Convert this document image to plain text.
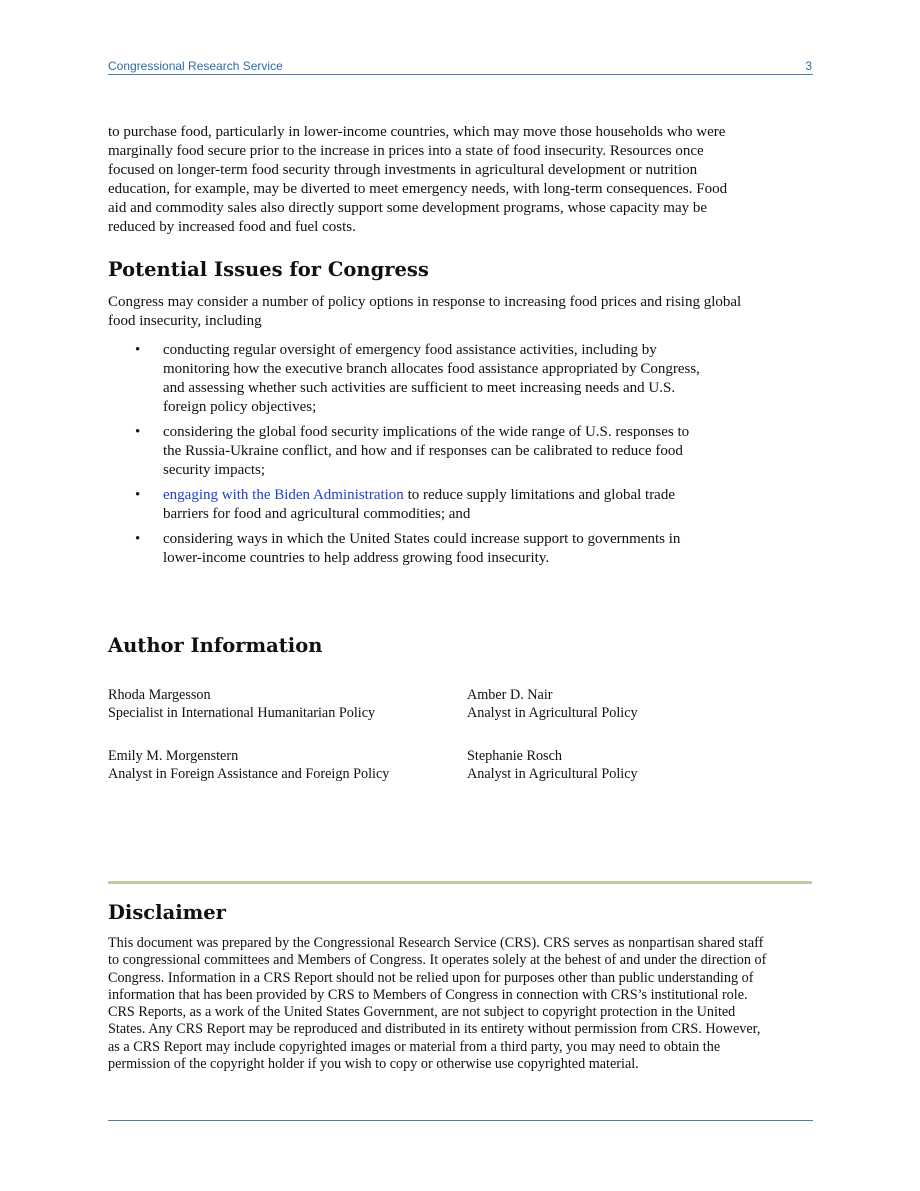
Congressional Research Service	3

to purchase food, particularly in lower-income countries, which may move those households who were
marginally food secure prior to the increase in prices into a state of food insecurity. Resources once
focused on longer-term food security through investments in agricultural development or nutrition
education, for example, may be diverted to meet emergency needs, with long-term consequences. Food
aid and commodity sales also directly support some development programs, whose capacity may be
reduced by increased food and fuel costs.

Potential Issues for Congress

Congress may consider a number of policy options in response to increasing food prices and rising global
food insecurity, including

• conducting regular oversight of emergency food assistance activities, including by
monitoring how the executive branch allocates food assistance appropriated by Congress,
and assessing whether such activities are sufficient to meet increasing needs and U.S.
foreign policy objectives;
• considering the global food security implications of the wide range of U.S. responses to
the Russia-Ukraine conflict, and how and if responses can be calibrated to reduce food
security impacts;
• engaging with the Biden Administration to reduce supply limitations and global trade
barriers for food and agricultural commodities; and
• considering ways in which the United States could increase support to governments in
lower-income countries to help address growing food insecurity.
Author Information
Rhoda Margesson
Specialist in International Humanitarian Policy
Amber D. Nair
Analyst in Agricultural Policy
Emily M. Morgenstern
Analyst in Foreign Assistance and Foreign Policy
Stephanie Rosch
Analyst in Agricultural Policy
Disclaimer

This document was prepared by the Congressional Research Service (CRS). CRS serves as nonpartisan shared staff
to congressional committees and Members of Congress. It operates solely at the behest of and under the direction of
Congress. Information in a CRS Report should not be relied upon for purposes other than public understanding of
information that has been provided by CRS to Members of Congress in connection with CRS’s institutional role.
CRS Reports, as a work of the United States Government, are not subject to copyright protection in the United
States. Any CRS Report may be reproduced and distributed in its entirety without permission from CRS. However,
as a CRS Report may include copyrighted images or material from a third party, you may need to obtain the
permission of the copyright holder if you wish to copy or otherwise use copyrighted material.
